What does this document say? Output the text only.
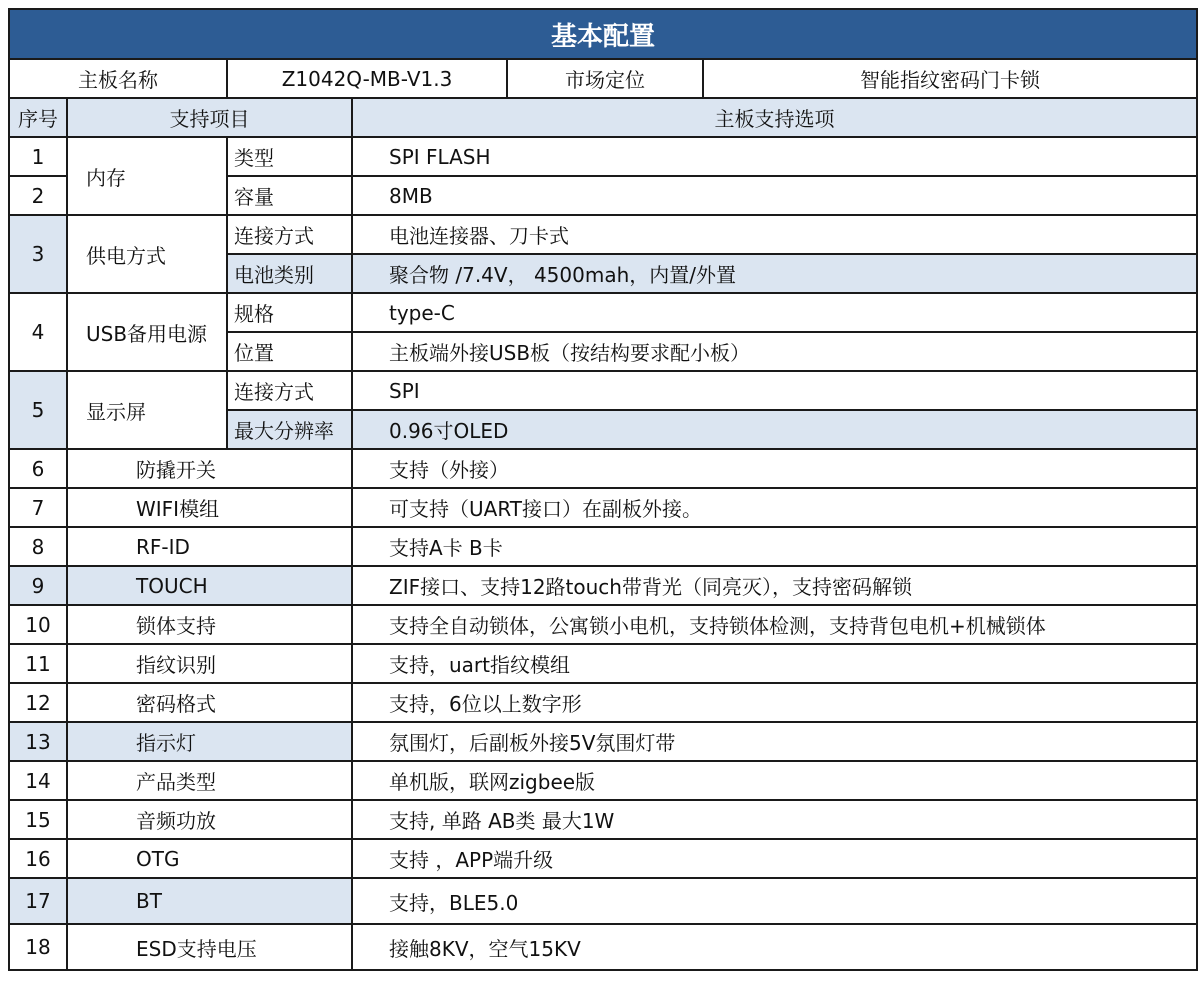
基本配置				
主板名称		Z1042Q-MB-V1.3		市场定位 智能指纹密码门卡锁

序号	支持项目		主板支持选项	
1	内存	类型	SPI FLASH	
2		容量	8MB	
3	供电方式	连接方式	电池连接器、刀卡式	
		电池类别	聚合物 /7.4V， 4500mah，内置/外置	
4	USB备用电源	规格	type-C	
		位置	主板端外接USB板（按结构要求配小板）	
5	显示屏	连接方式	SPI	
		最大分辨率	0.96寸OLED	
6	防撬开关		支持（外接）	
7	WIFI模组		可支持（UART接口）在副板外接。	
8	RF-ID		支持A卡 B卡	
9	TOUCH		ZIF接口、支持12路touch带背光（同亮灭），支持密码解锁	
10	锁体支持		支持全自动锁体，公寓锁小电机，支持锁体检测，支持背包电机+机械锁体	
11	指纹识别		支持，uart指纹模组	
12	密码格式		支持，6位以上数字形	
13	指示灯		氛围灯，后副板外接5V氛围灯带	
14	产品类型		单机版，联网zigbee版	
15	音频功放		支持, 单路 AB类 最大1W	
16	OTG		支持 ，APP端升级	
17	BT		支持，BLE5.0	
18	ESD支持电压		接触8KV，空气15KV	
